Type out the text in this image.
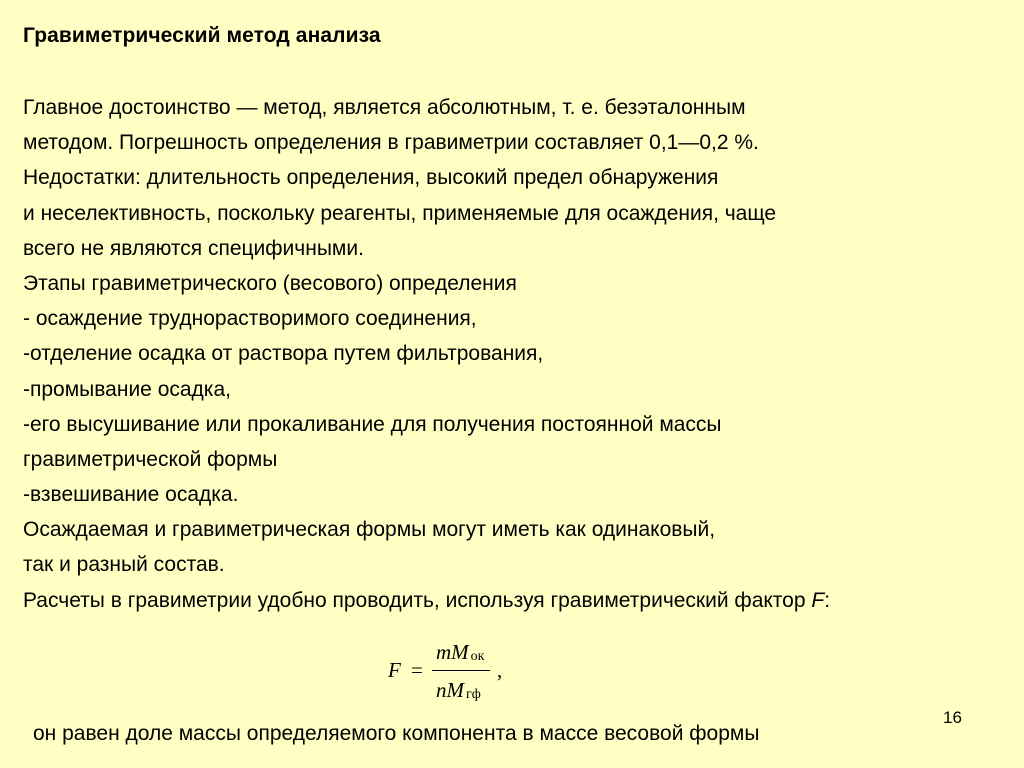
Гравиметрический метод анализа
Главное достоинство — метод, является абсолютным, т. е. безэталонным
методом. Погрешность определения в гравиметрии составляет 0,1—0,2 %.
Недостатки: длительность определения, высокий предел обнаружения
и неселективность, поскольку реагенты, применяемые для осаждения, чаще
всего не являются специфичными.
Этапы гравиметрического (весового) определения
- осаждение труднорастворимого соединения,
-отделение осадка от раствора путем фильтрования,
-промывание осадка,
-его высушивание или прокаливание для получения постоянной массы
гравиметрической формы
-взвешивание осадка.
Осаждаемая и гравиметрическая формы могут иметь как одинаковый,
так и разный состав.
Расчеты в гравиметрии удобно проводить, используя гравиметрический фактор F:
F =
mM ок
nM гф
,
16
он равен доле массы определяемого компонента в массе весовой формы
